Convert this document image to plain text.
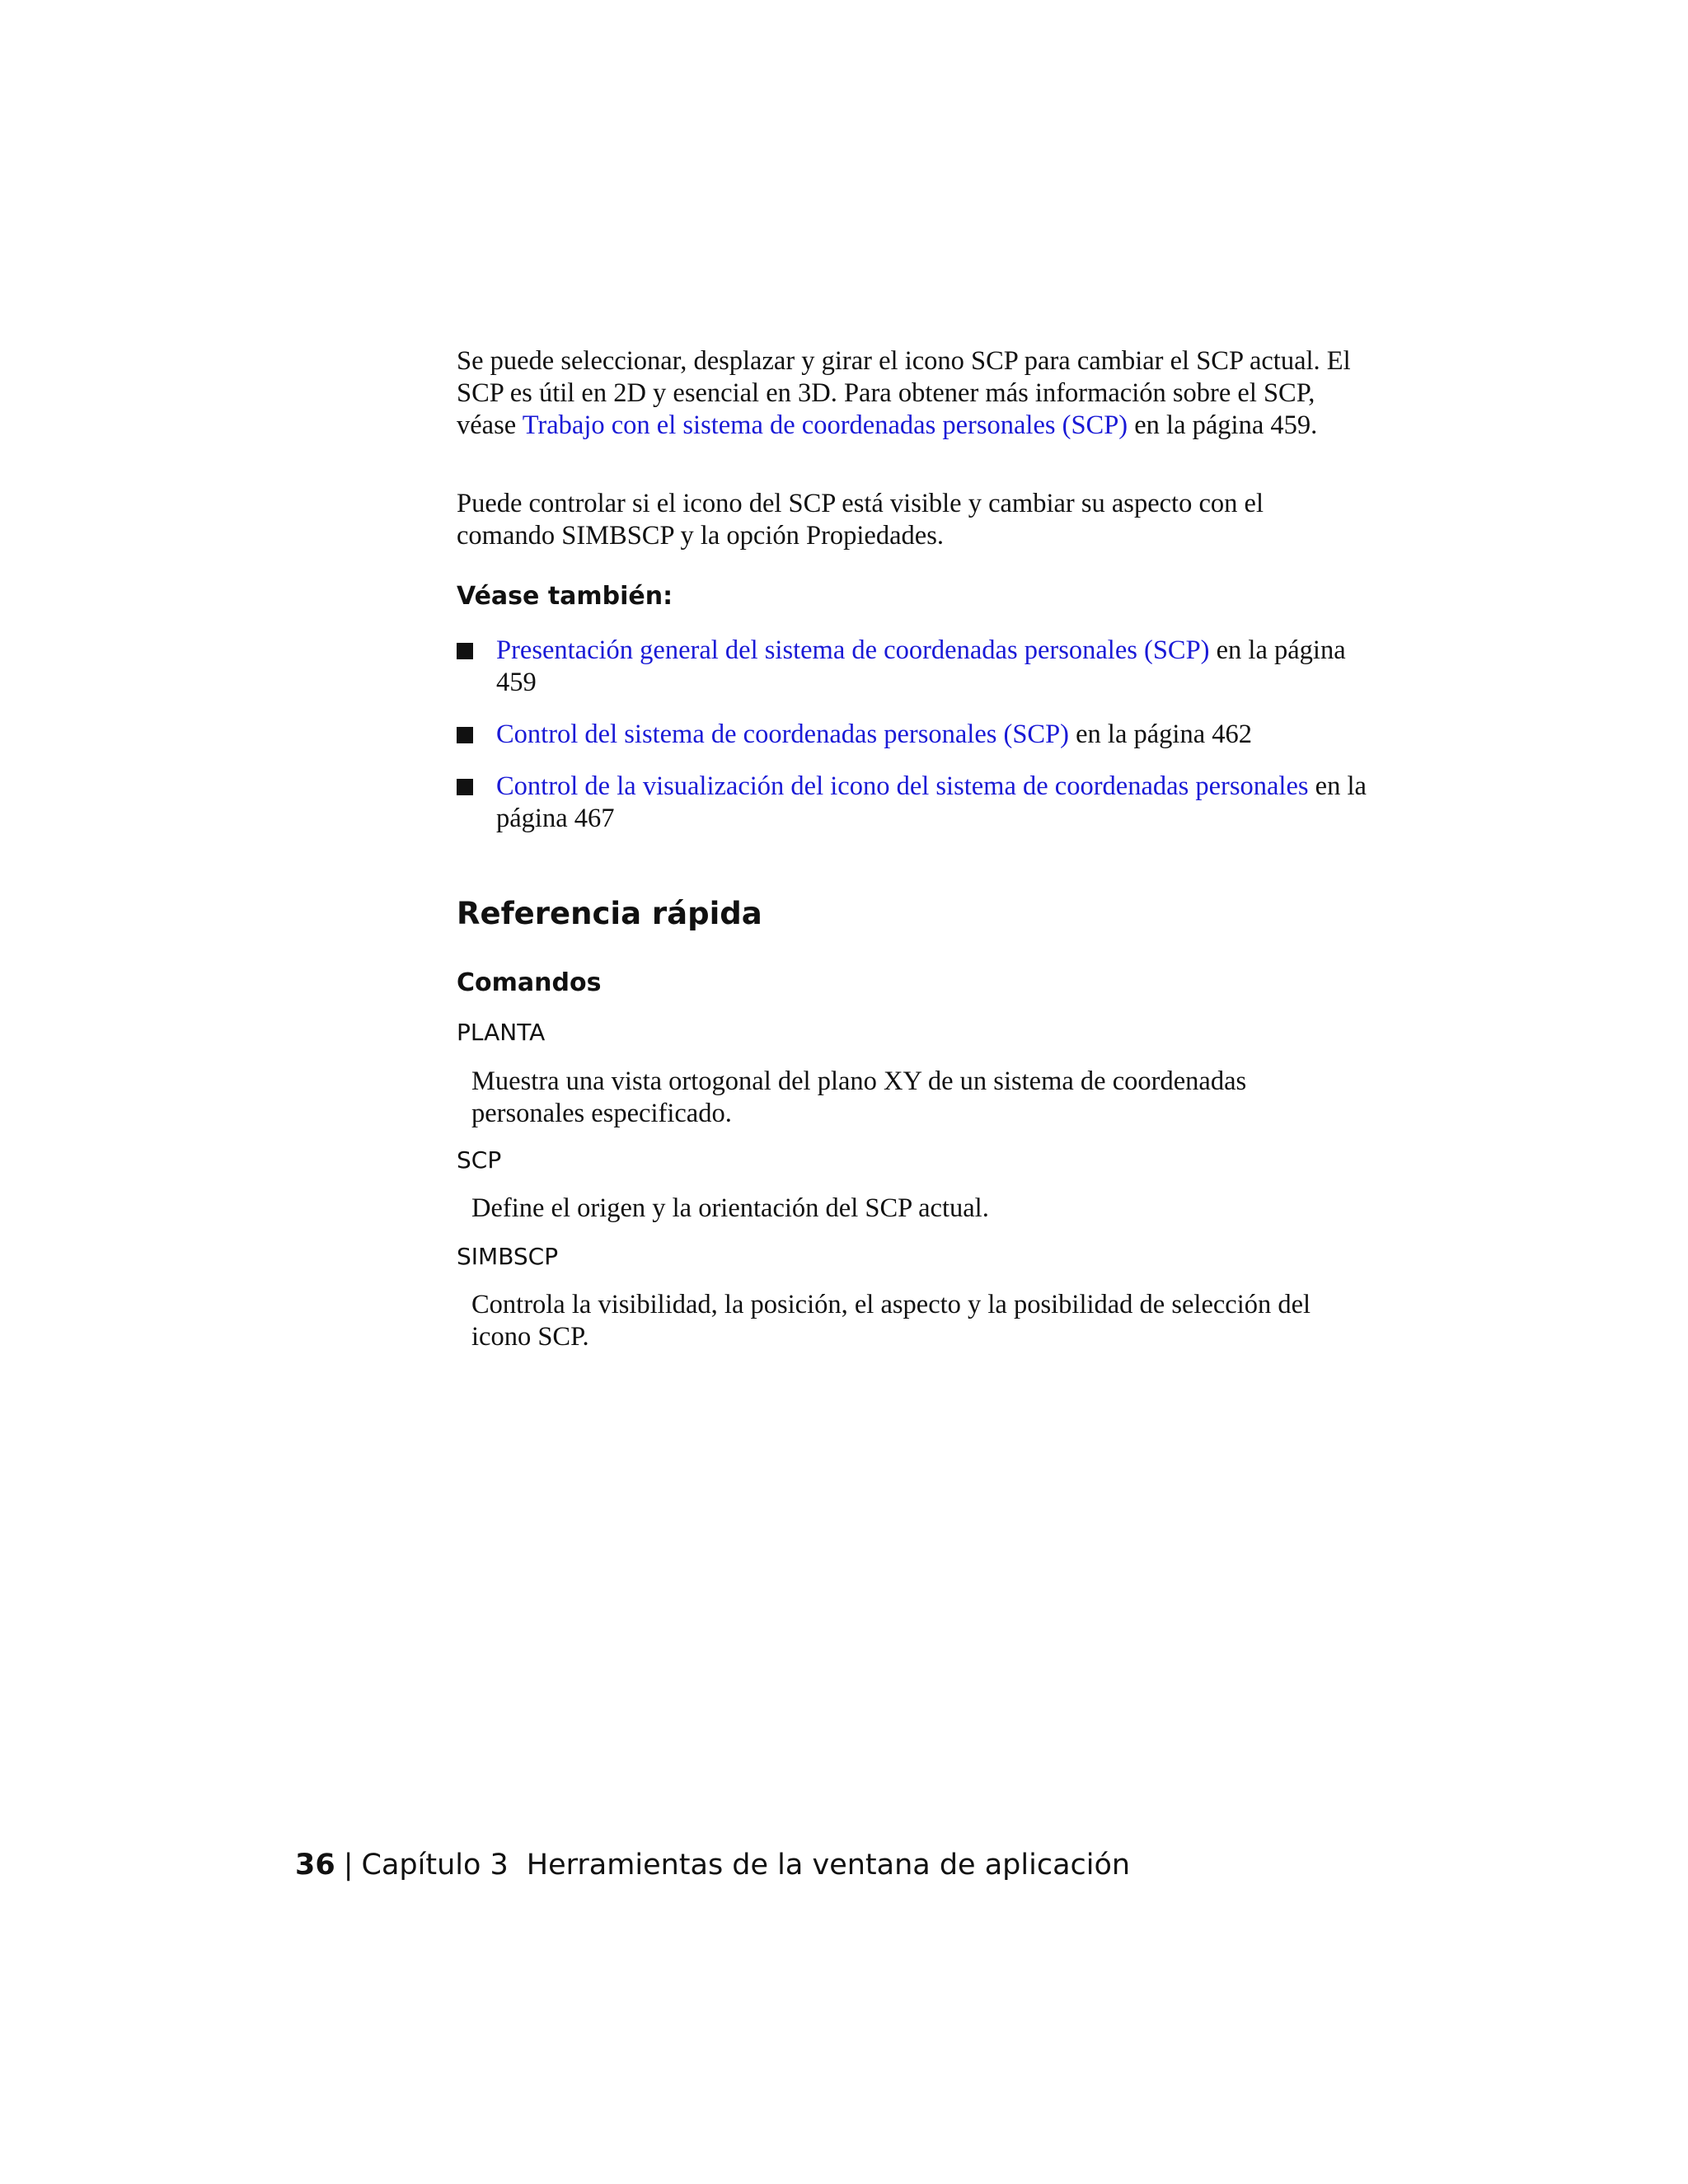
Se puede seleccionar, desplazar y girar el icono SCP para cambiar el SCP actual. El SCP es útil en 2D y esencial en 3D. Para obtener más información sobre el SCP, véase Trabajo con el sistema de coordenadas personales (SCP) en la página 459.

Puede controlar si el icono del SCP está visible y cambiar su aspecto con el comando SIMBSCP y la opción Propiedades.

Véase también:
Presentación general del sistema de coordenadas personales (SCP) en la página 459
Control del sistema de coordenadas personales (SCP) en la página 462
Control de la visualización del icono del sistema de coordenadas personales en la página 467
Referencia rápida
Comandos

PLANTA

Muestra una vista ortogonal del plano XY de un sistema de coordenadas personales especificado.

SCP

Define el origen y la orientación del SCP actual.

SIMBSCP

Controla la visibilidad, la posición, el aspecto y la posibilidad de selección del icono SCP.

36 | Capítulo 3 Herramientas de la ventana de aplicación
